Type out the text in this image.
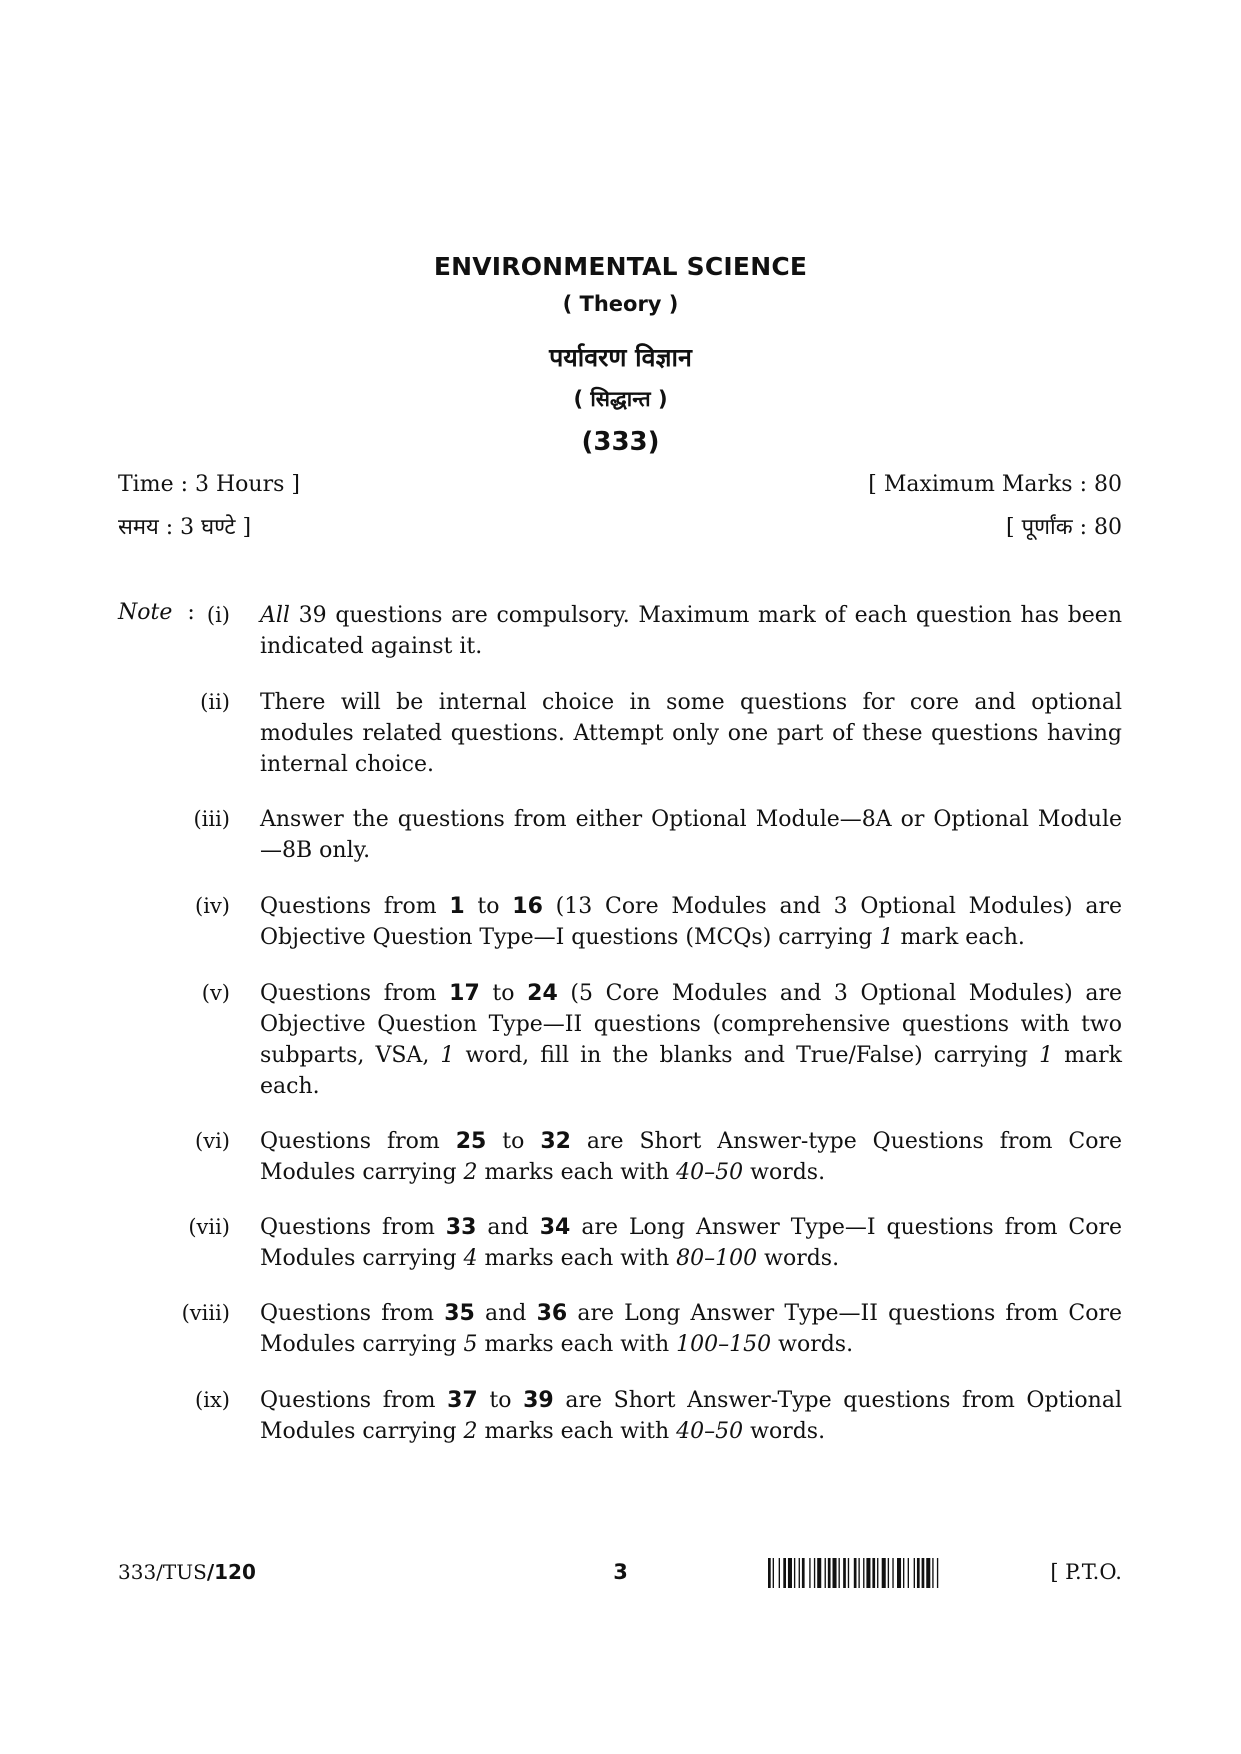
ENVIRONMENTAL SCIENCE
( Theory )
पर्यावरण विज्ञान
( सिद्धान्त )
(333)
Time : 3 Hours ]
समय : 3 घण्टे ]
[ Maximum Marks : 80
[ पूर्णांक : 80
Note : (i) All 39 questions are compulsory. Maximum mark of each question has been indicated against it.
(ii) There will be internal choice in some questions for core and optional modules related questions. Attempt only one part of these questions having internal choice.
(iii) Answer the questions from either Optional Module—8A or Optional Module—8B only.
(iv) Questions from 1 to 16 (13 Core Modules and 3 Optional Modules) are Objective Question Type—I questions (MCQs) carrying 1 mark each.
(v) Questions from 17 to 24 (5 Core Modules and 3 Optional Modules) are Objective Question Type—II questions (comprehensive questions with two subparts, VSA, 1 word, fill in the blanks and True/False) carrying 1 mark each.
(vi) Questions from 25 to 32 are Short Answer-type Questions from Core Modules carrying 2 marks each with 40–50 words.
(vii) Questions from 33 and 34 are Long Answer Type—I questions from Core Modules carrying 4 marks each with 80–100 words.
(viii) Questions from 35 and 36 are Long Answer Type—II questions from Core Modules carrying 5 marks each with 100–150 words.
(ix) Questions from 37 to 39 are Short Answer-Type questions from Optional Modules carrying 2 marks each with 40–50 words.
333/TUS/120	3	[ P.T.O.
